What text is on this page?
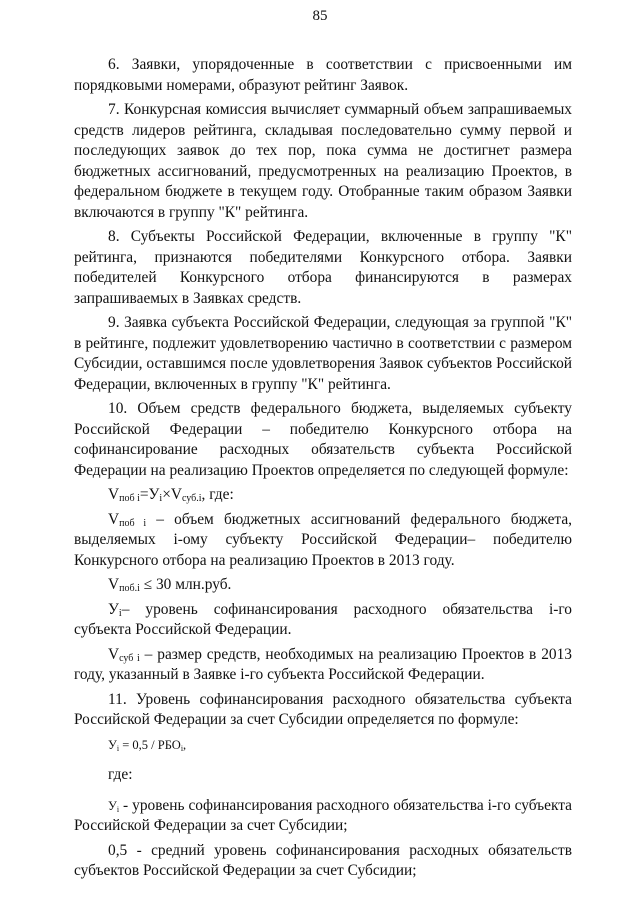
85

6. Заявки, упорядоченные в соответствии с присвоенными им порядковыми номерами, образуют рейтинг Заявок.

7. Конкурсная комиссия вычисляет суммарный объем запрашиваемых средств лидеров рейтинга, складывая последовательно сумму первой и последующих заявок до тех пор, пока сумма не достигнет размера бюджетных ассигнований, предусмотренных на реализацию Проектов, в федеральном бюджете в текущем году. Отобранные таким образом Заявки включаются в группу "К" рейтинга.

8. Субъекты Российской Федерации, включенные в группу "К" рейтинга, признаются победителями Конкурсного отбора. Заявки победителей Конкурсного отбора финансируются в размерах запрашиваемых в Заявках средств.

9. Заявка субъекта Российской Федерации, следующая за группой "К" в рейтинге, подлежит удовлетворению частично в соответствии с размером Субсидии, оставшимся после удовлетворения Заявок субъектов Российской Федерации, включенных в группу "К" рейтинга.

10. Объем средств федерального бюджета, выделяемых субъекту Российской Федерации – победителю Конкурсного отбора на софинансирование расходных обязательств субъекта Российской Федерации на реализацию Проектов определяется по следующей формуле:

$V_{поб i}=У_i\times V_{суб.i}$, где:

$V_{поб i}$ – объем бюджетных ассигнований федерального бюджета, выделяемых i-ому субъекту Российской Федерации– победителю Конкурсного отбора на реализацию Проектов в 2013 году.

$V_{поб.i} \le 30$ млн.руб.

$У_i-$ уровень софинансирования расходного обязательства i-го субъекта Российской Федерации.

$V_{суб i}$ – размер средств, необходимых на реализацию Проектов в 2013 году, указанный в Заявке i-го субъекта Российской Федерации.

11. Уровень софинансирования расходного обязательства субъекта Российской Федерации за счет Субсидии определяется по формуле:

$У_i = 0,5 / РБО_i$,

где:

$У_i$ - уровень софинансирования расходного обязательства i-го субъекта Российской Федерации за счет Субсидии;

0,5 - средний уровень софинансирования расходных обязательств субъектов Российской Федерации за счет Субсидии;
